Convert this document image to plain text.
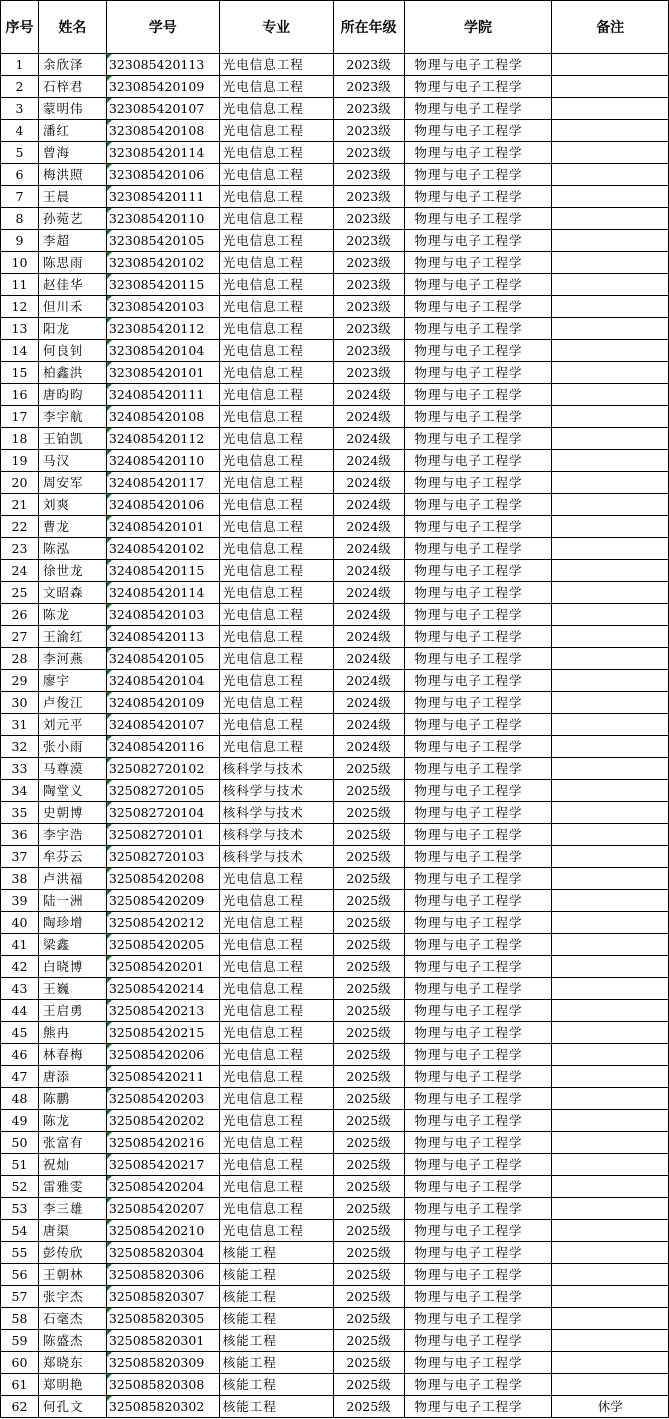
序号	姓名	学号	专业	所在年级	学院	备注
1	余欣泽	323085420113	光电信息工程	2023级	物理与电子工程学	
2	石梓君	323085420109	光电信息工程	2023级	物理与电子工程学	
3	蒙明伟	323085420107	光电信息工程	2023级	物理与电子工程学	
4	潘红	323085420108	光电信息工程	2023级	物理与电子工程学	
5	曾海	323085420114	光电信息工程	2023级	物理与电子工程学	
6	梅洪照	323085420106	光电信息工程	2023级	物理与电子工程学	
7	王晨	323085420111	光电信息工程	2023级	物理与电子工程学	
8	孙菀艺	323085420110	光电信息工程	2023级	物理与电子工程学	
9	李超	323085420105	光电信息工程	2023级	物理与电子工程学	
10	陈思雨	323085420102	光电信息工程	2023级	物理与电子工程学	
11	赵佳华	323085420115	光电信息工程	2023级	物理与电子工程学	
12	但川禾	323085420103	光电信息工程	2023级	物理与电子工程学	
13	阳龙	323085420112	光电信息工程	2023级	物理与电子工程学	
14	何良钊	323085420104	光电信息工程	2023级	物理与电子工程学	
15	柏鑫洪	323085420101	光电信息工程	2023级	物理与电子工程学	
16	唐昀昀	324085420111	光电信息工程	2024级	物理与电子工程学	
17	李宇航	324085420108	光电信息工程	2024级	物理与电子工程学	
18	王铂凯	324085420112	光电信息工程	2024级	物理与电子工程学	
19	马汉	324085420110	光电信息工程	2024级	物理与电子工程学	
20	周安军	324085420117	光电信息工程	2024级	物理与电子工程学	
21	刘爽	324085420106	光电信息工程	2024级	物理与电子工程学	
22	曹龙	324085420101	光电信息工程	2024级	物理与电子工程学	
23	陈泓	324085420102	光电信息工程	2024级	物理与电子工程学	
24	徐世龙	324085420115	光电信息工程	2024级	物理与电子工程学	
25	文昭森	324085420114	光电信息工程	2024级	物理与电子工程学	
26	陈龙	324085420103	光电信息工程	2024级	物理与电子工程学	
27	王渝红	324085420113	光电信息工程	2024级	物理与电子工程学	
28	李河燕	324085420105	光电信息工程	2024级	物理与电子工程学	
29	廖宇	324085420104	光电信息工程	2024级	物理与电子工程学	
30	卢俊江	324085420109	光电信息工程	2024级	物理与电子工程学	
31	刘元平	324085420107	光电信息工程	2024级	物理与电子工程学	
32	张小雨	324085420116	光电信息工程	2024级	物理与电子工程学	
33	马尊漠	325082720102	核科学与技术	2025级	物理与电子工程学	
34	陶堂义	325082720105	核科学与技术	2025级	物理与电子工程学	
35	史朝博	325082720104	核科学与技术	2025级	物理与电子工程学	
36	李宇浩	325082720101	核科学与技术	2025级	物理与电子工程学	
37	牟芬云	325082720103	核科学与技术	2025级	物理与电子工程学	
38	卢洪福	325085420208	光电信息工程	2025级	物理与电子工程学	
39	陆一洲	325085420209	光电信息工程	2025级	物理与电子工程学	
40	陶珍增	325085420212	光电信息工程	2025级	物理与电子工程学	
41	梁鑫	325085420205	光电信息工程	2025级	物理与电子工程学	
42	白晓博	325085420201	光电信息工程	2025级	物理与电子工程学	
43	王巍	325085420214	光电信息工程	2025级	物理与电子工程学	
44	王启勇	325085420213	光电信息工程	2025级	物理与电子工程学	
45	熊冉	325085420215	光电信息工程	2025级	物理与电子工程学	
46	林春梅	325085420206	光电信息工程	2025级	物理与电子工程学	
47	唐添	325085420211	光电信息工程	2025级	物理与电子工程学	
48	陈鹏	325085420203	光电信息工程	2025级	物理与电子工程学	
49	陈龙	325085420202	光电信息工程	2025级	物理与电子工程学	
50	张富有	325085420216	光电信息工程	2025级	物理与电子工程学	
51	祝灿	325085420217	光电信息工程	2025级	物理与电子工程学	
52	雷雅雯	325085420204	光电信息工程	2025级	物理与电子工程学	
53	李三雄	325085420207	光电信息工程	2025级	物理与电子工程学	
54	唐渠	325085420210	光电信息工程	2025级	物理与电子工程学	
55	彭传欣	325085820304	核能工程	2025级	物理与电子工程学	
56	王朝林	325085820306	核能工程	2025级	物理与电子工程学	
57	张宇杰	325085820307	核能工程	2025级	物理与电子工程学	
58	石毫杰	325085820305	核能工程	2025级	物理与电子工程学	
59	陈盛杰	325085820301	核能工程	2025级	物理与电子工程学	
60	郑晓东	325085820309	核能工程	2025级	物理与电子工程学	
61	郑明艳	325085820308	核能工程	2025级	物理与电子工程学	
62	何孔文	325085820302	核能工程	2025级	物理与电子工程学	休学
